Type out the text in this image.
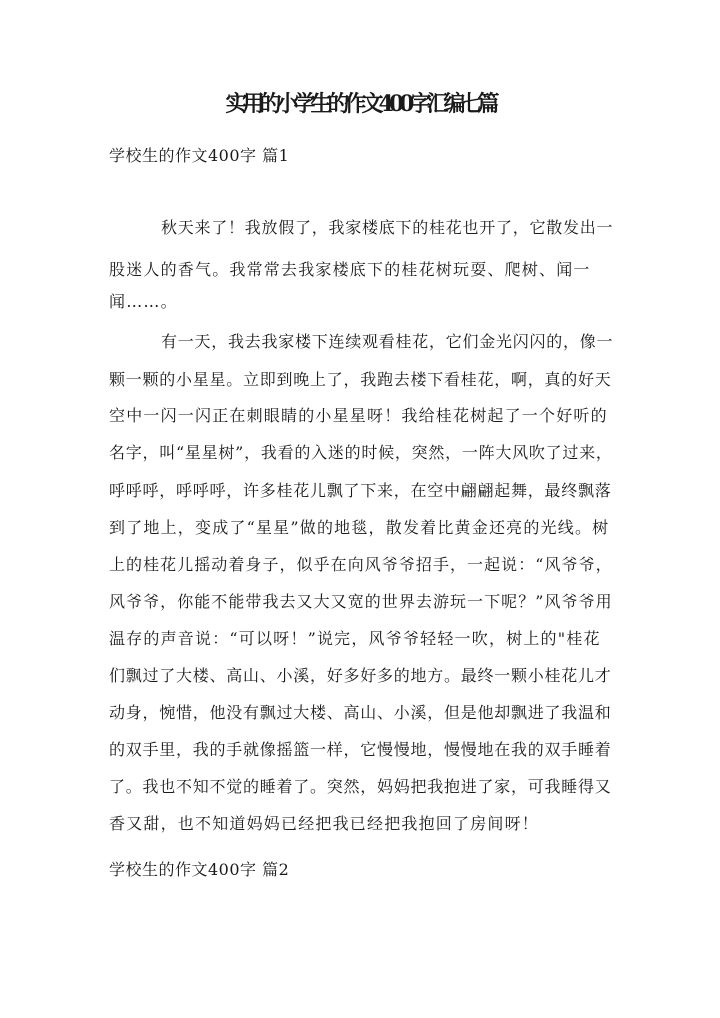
实用的小学生的作文400字汇编七篇
学校生的作文400字 篇1
秋天来了！我放假了，我家楼底下的桂花也开了，它散发出一
股迷人的香气。我常常去我家楼底下的桂花树玩耍、爬树、闻一
闻……。
有一天，我去我家楼下连续观看桂花，它们金光闪闪的，像一
颗一颗的小星星。立即到晚上了，我跑去楼下看桂花，啊，真的好天
空中一闪一闪正在刺眼睛的小星星呀！我给桂花树起了一个好听的
名字，叫“星星树”，我看的入迷的时候，突然，一阵大风吹了过来，
呼呼呼，呼呼呼，许多桂花儿飘了下来，在空中翩翩起舞，最终飘落
到了地上，变成了“星星”做的地毯，散发着比黄金还亮的光线。树
上的桂花儿摇动着身子，似乎在向风爷爷招手，一起说：“风爷爷，
风爷爷，你能不能带我去又大又宽的世界去游玩一下呢？”风爷爷用
温存的声音说：“可以呀！”说完，风爷爷轻轻一吹，树上的"桂花
们飘过了大楼、高山、小溪，好多好多的地方。最终一颗小桂花儿才
动身，惋惜，他没有飘过大楼、高山、小溪，但是他却飘进了我温和
的双手里，我的手就像摇篮一样，它慢慢地，慢慢地在我的双手睡着
了。我也不知不觉的睡着了。突然，妈妈把我抱进了家，可我睡得又
香又甜，也不知道妈妈已经把我已经把我抱回了房间呀！
学校生的作文400字 篇2
